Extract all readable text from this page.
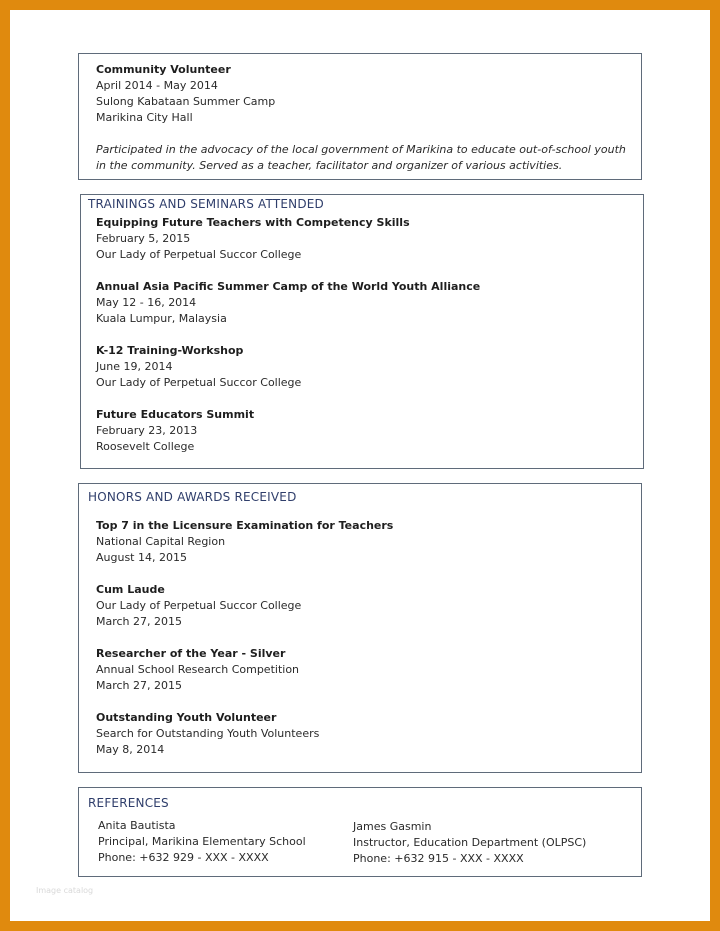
Community Volunteer
April 2014 - May 2014
Sulong Kabataan Summer Camp
Marikina City Hall
Participated in the advocacy of the local government of Marikina to educate out-of-school youth
in the community. Served as a teacher, facilitator and organizer of various activities.
TRAININGS AND SEMINARS ATTENDED
Equipping Future Teachers with Competency Skills
February 5, 2015
Our Lady of Perpetual Succor College
Annual Asia Pacific Summer Camp of the World Youth Alliance
May 12 - 16, 2014
Kuala Lumpur, Malaysia
K-12 Training-Workshop
June 19, 2014
Our Lady of Perpetual Succor College
Future Educators Summit
February 23, 2013
Roosevelt College
HONORS AND AWARDS RECEIVED
Top 7 in the Licensure Examination for Teachers
National Capital Region
August 14, 2015
Cum Laude
Our Lady of Perpetual Succor College
March 27, 2015
Researcher of the Year - Silver
Annual School Research Competition
March 27, 2015
Outstanding Youth Volunteer
Search for Outstanding Youth Volunteers
May 8, 2014
REFERENCES
Anita Bautista
Principal, Marikina Elementary School
Phone: +632 929 - XXX - XXXX
James Gasmin
Instructor, Education Department (OLPSC)
Phone: +632 915 - XXX - XXXX
Image catalog
